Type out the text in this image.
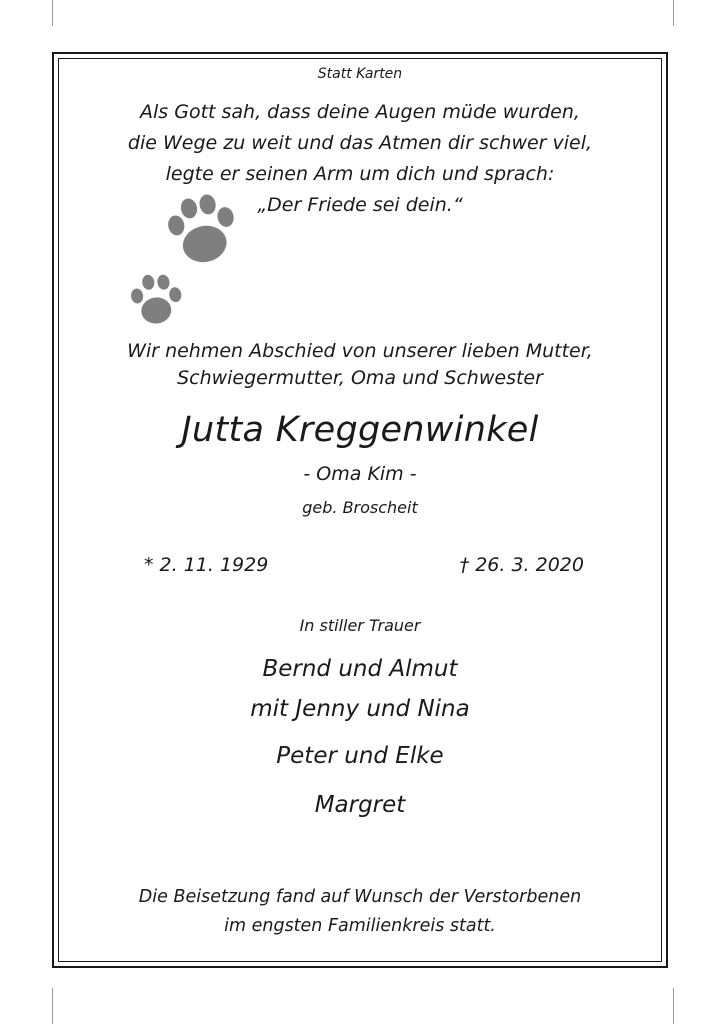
Statt Karten

Als Gott sah, dass deine Augen müde wurden,

die Wege zu weit und das Atmen dir schwer viel,

legte er seinen Arm um dich und sprach:

„Der Friede sei dein.“

Wir nehmen Abschied von unserer lieben Mutter,

Schwiegermutter, Oma und Schwester

Jutta Kreggenwinkel

- Oma Kim -

geb. Broscheit

* 2. 11. 1929	† 26. 3. 2020

In stiller Trauer

Bernd und Almut

mit Jenny und Nina

Peter und Elke

Margret

Die Beisetzung fand auf Wunsch der Verstorbenen

im engsten Familienkreis statt.
